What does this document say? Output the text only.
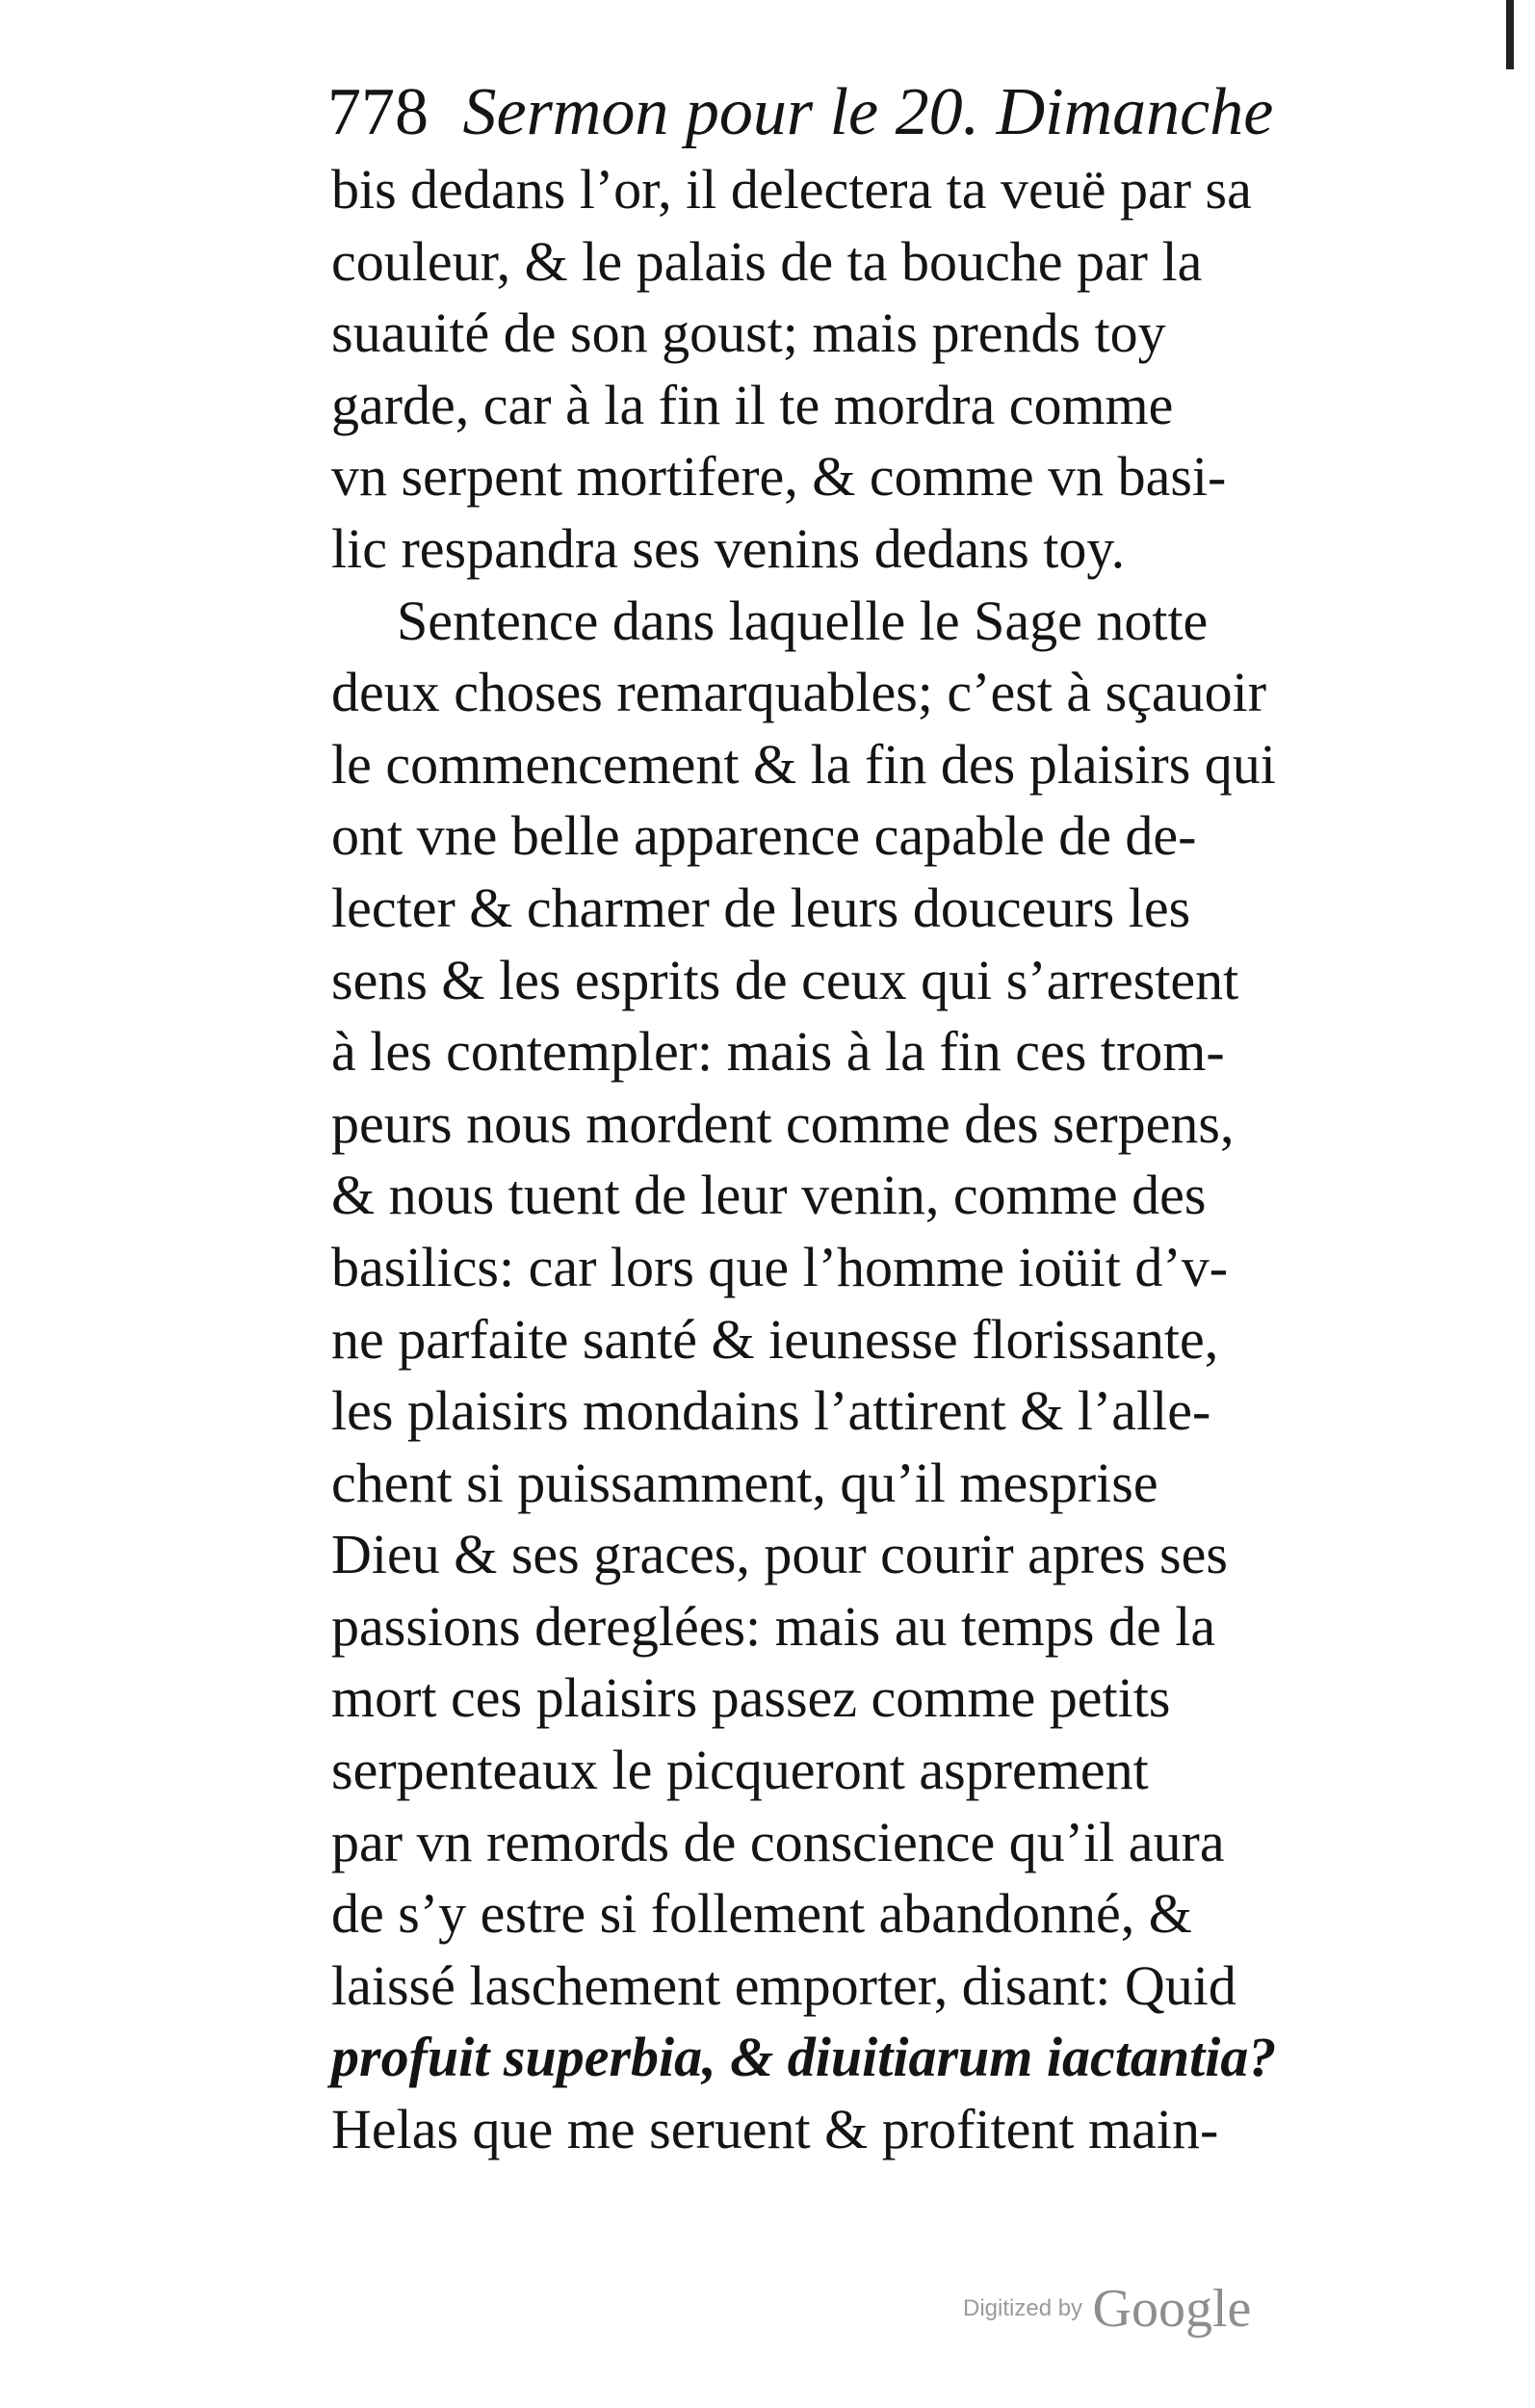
778 Sermon pour le 20. Dimanche
bis dedans l’or, il delectera ta veuë par sa
couleur, & le palais de ta bouche par la
suauité de son goust; mais prends toy
garde, car à la fin il te mordra comme
vn serpent mortifere, & comme vn basi-
lic respandra ses venins dedans toy.
Sentence dans laquelle le Sage notte
deux choses remarquables; c’est à sçauoir
le commencement & la fin des plaisirs qui
ont vne belle apparence capable de de-
lecter & charmer de leurs douceurs les
sens & les esprits de ceux qui s’arrestent
à les contempler: mais à la fin ces trom-
peurs nous mordent comme des serpens,
& nous tuent de leur venin, comme des
basilics: car lors que l’homme ioüit d’v-
ne parfaite santé & ieunesse florissante,
les plaisirs mondains l’attirent & l’alle-
chent si puissamment, qu’il mesprise
Dieu & ses graces, pour courir apres ses
passions dereglées: mais au temps de la
mort ces plaisirs passez comme petits
serpenteaux le picqueront asprement
par vn remords de conscience qu’il aura
de s’y estre si follement abandonné, &
laissé laschement emporter, disant: Quid
profuit superbia, & diuitiarum iactantia?
Helas que me seruent & profitent main-
Digitized by Google
